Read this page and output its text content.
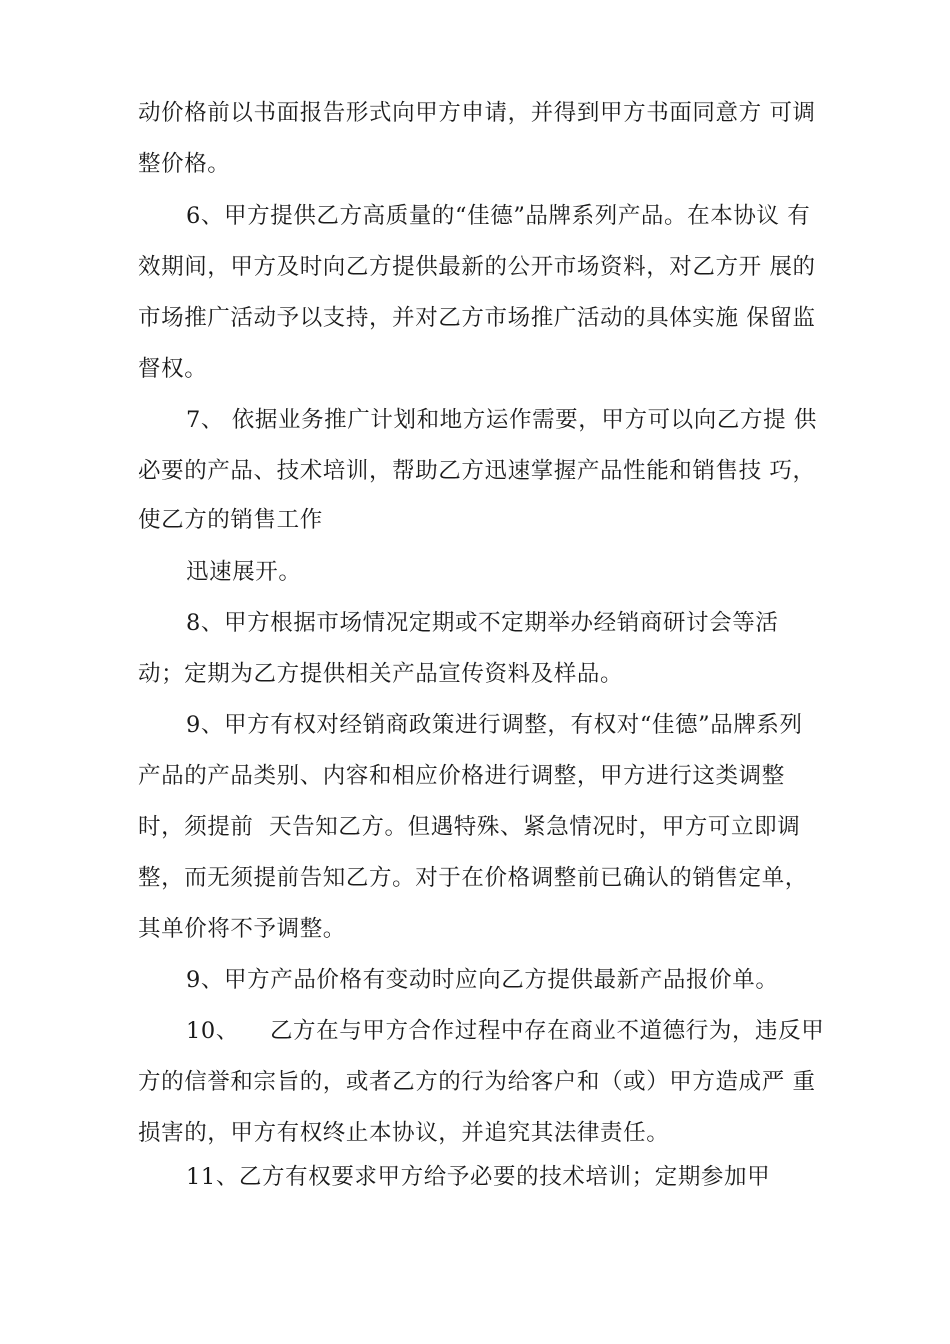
动价格前以书面报告形式向甲方申请，并得到甲方书面同意方 可调
整价格。
6、甲方提供乙方高质量的“佳德”品牌系列产品。在本协议 有
效期间，甲方及时向乙方提供最新的公开市场资料，对乙方开 展的
市场推广活动予以支持，并对乙方市场推广活动的具体实施 保留监
督权。
7、 依据业务推广计划和地方运作需要，甲方可以向乙方提 供
必要的产品、技术培训，帮助乙方迅速掌握产品性能和销售技 巧，
使乙方的销售工作
迅速展开。
8、甲方根据市场情况定期或不定期举办经销商研讨会等活
动；定期为乙方提供相关产品宣传资料及样品。
9、甲方有权对经销商政策进行调整，有权对“佳德”品牌系列
产品的产品类别、内容和相应价格进行调整，甲方进行这类调整
时，须提前  天告知乙方。但遇特殊、紧急情况时，甲方可立即调
整，而无须提前告知乙方。对于在价格调整前已确认的销售定单，
其单价将不予调整。
9、甲方产品价格有变动时应向乙方提供最新产品报价单。
10、    乙方在与甲方合作过程中存在商业不道德行为，违反甲
方的信誉和宗旨的，或者乙方的行为给客户和（或）甲方造成严 重
损害的，甲方有权终止本协议，并追究其法律责任。
11、乙方有权要求甲方给予必要的技术培训；定期参加甲
